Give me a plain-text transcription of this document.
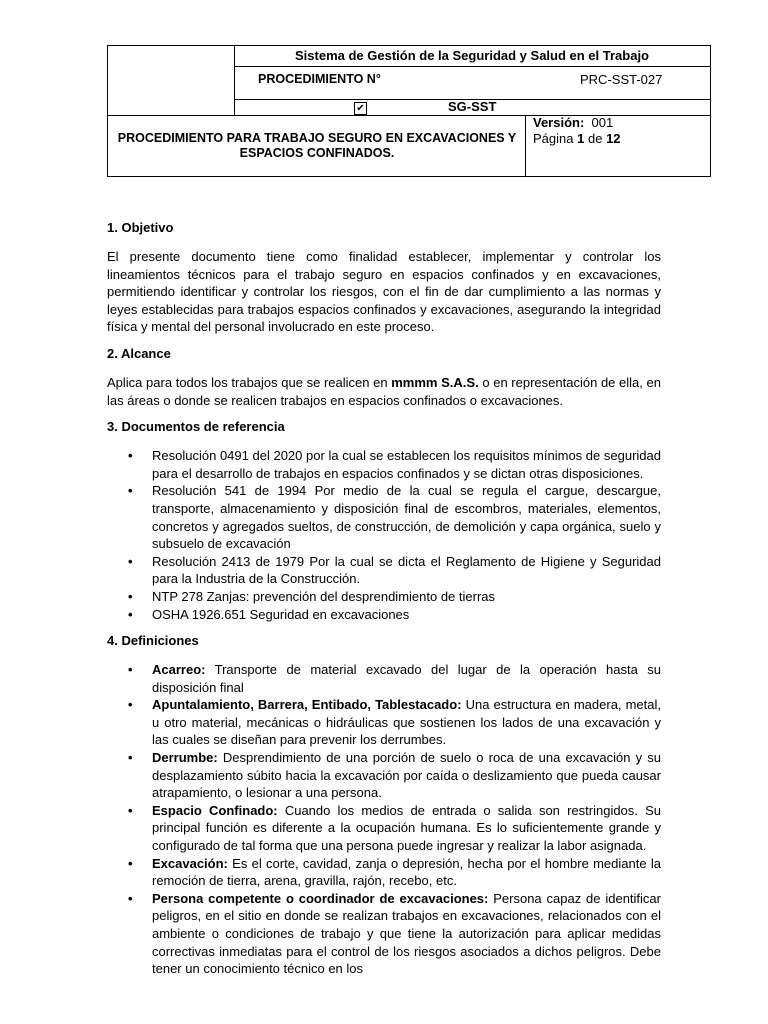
Sistema de Gestión de la Seguridad y Salud en el Trabajo
PROCEDIMIENTO N°	PRC-SST-027
✔	SG-SST
PROCEDIMIENTO PARA TRABAJO SEGURO EN EXCAVACIONES Y ESPACIOS CONFINADOS.
Versión: 001
Página 1 de 12
1. Objetivo

El presente documento tiene como finalidad establecer, implementar y controlar los lineamientos técnicos para el trabajo seguro en espacios confinados y en excavaciones, permitiendo identificar y controlar los riesgos, con el fin de dar cumplimiento a las normas y leyes establecidas para trabajos espacios confinados y excavaciones, asegurando la integridad física y mental del personal involucrado en este proceso.

2. Alcance

Aplica para todos los trabajos que se realicen en mmmm S.A.S. o en representación de ella, en las áreas o donde se realicen trabajos en espacios confinados o excavaciones.

3. Documentos de referencia
• Resolución 0491 del 2020 por la cual se establecen los requisitos mínimos de seguridad para el desarrollo de trabajos en espacios confinados y se dictan otras disposiciones.
• Resolución 541 de 1994 Por medio de la cual se regula el cargue, descargue, transporte, almacenamiento y disposición final de escombros, materiales, elementos, concretos y agregados sueltos, de construcción, de demolición y capa orgánica, suelo y subsuelo de excavación
• Resolución 2413 de 1979 Por la cual se dicta el Reglamento de Higiene y Seguridad para la Industria de la Construcción.
• NTP 278 Zanjas: prevención del desprendimiento de tierras
• OSHA 1926.651 Seguridad en excavaciones
4. Definiciones
• Acarreo: Transporte de material excavado del lugar de la operación hasta su disposición final
• Apuntalamiento, Barrera, Entibado, Tablestacado: Una estructura en madera, metal, u otro material, mecánicas o hidráulicas que sostienen los lados de una excavación y las cuales se diseñan para prevenir los derrumbes.
• Derrumbe: Desprendimiento de una porción de suelo o roca de una excavación y su desplazamiento súbito hacia la excavación por caída o deslizamiento que pueda causar atrapamiento, o lesionar a una persona.
• Espacio Confinado: Cuando los medios de entrada o salida son restringidos. Su principal función es diferente a la ocupación humana. Es lo suficientemente grande y configurado de tal forma que una persona puede ingresar y realizar la labor asignada.
• Excavación: Es el corte, cavidad, zanja o depresión, hecha por el hombre mediante la remoción de tierra, arena, gravilla, rajón, recebo, etc.
• Persona competente o coordinador de excavaciones: Persona capaz de identificar peligros, en el sitio en donde se realizan trabajos en excavaciones, relacionados con el ambiente o condiciones de trabajo y que tiene la autorización para aplicar medidas correctivas inmediatas para el control de los riesgos asociados a dichos peligros. Debe tener un conocimiento técnico en los
